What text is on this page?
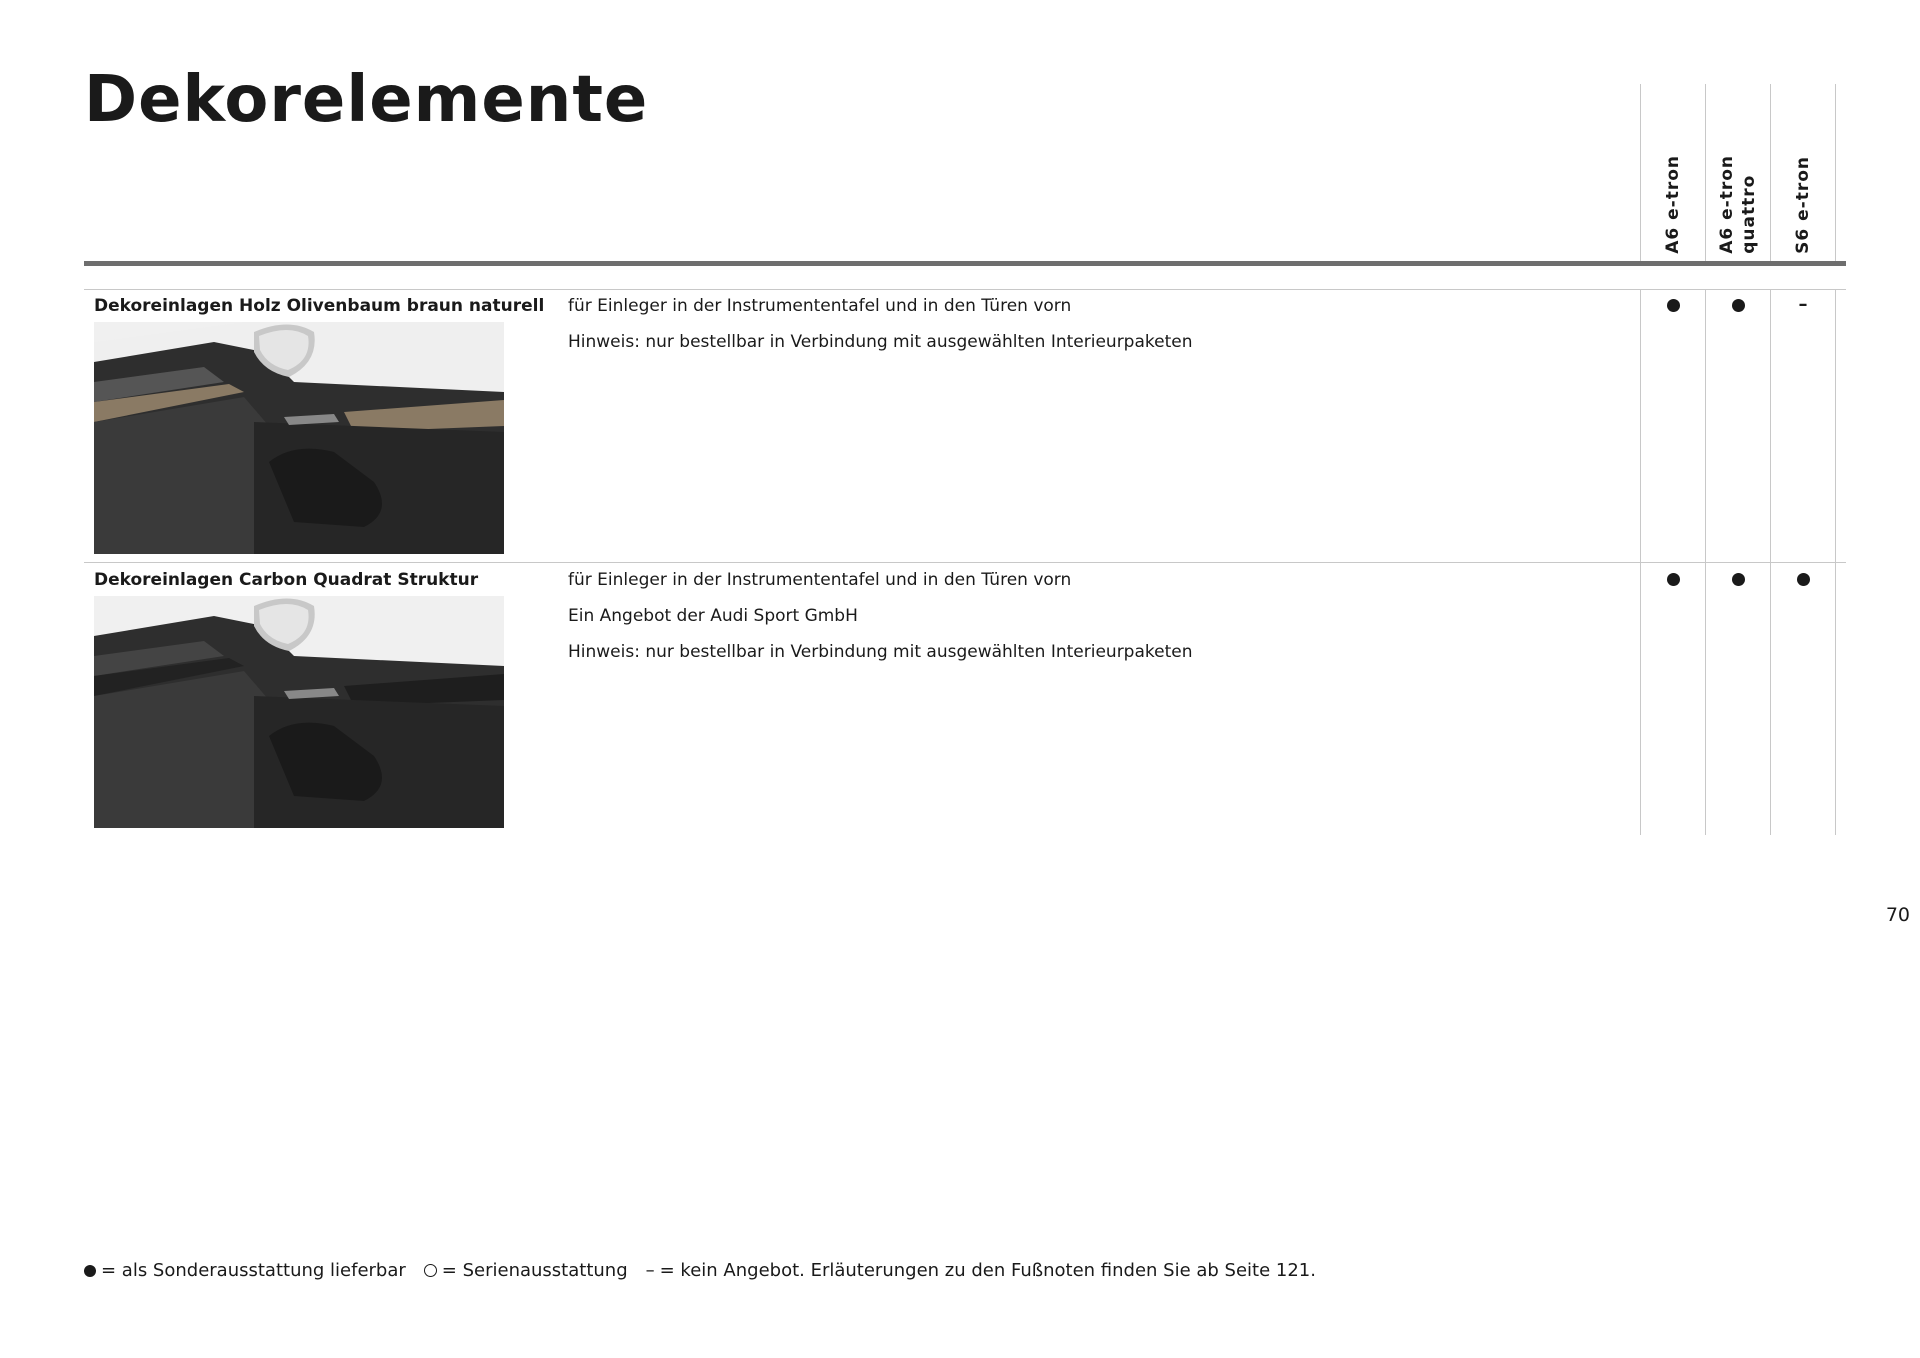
Dekorelemente
A6 e-tron A6 e-tron
quattro S6 e-tron

Dekoreinlagen Holz Olivenbaum braun naturell für Einleger in der Instrumententafel und in den Türen vorn

Hinweis: nur bestellbar in Verbindung mit ausgewählten Interieurpaketen

–

Dekoreinlagen Carbon Quadrat Struktur	für Einleger in der Instrumententafel und in den Türen vorn

Ein Angebot der Audi Sport GmbH

Hinweis: nur bestellbar in Verbindung mit ausgewählten Interieurpaketen

70
= als Sonderausstattung lieferbar = Serienausstattung – = kein Angebot. Erläuterungen zu den Fußnoten finden Sie ab Seite 121.
